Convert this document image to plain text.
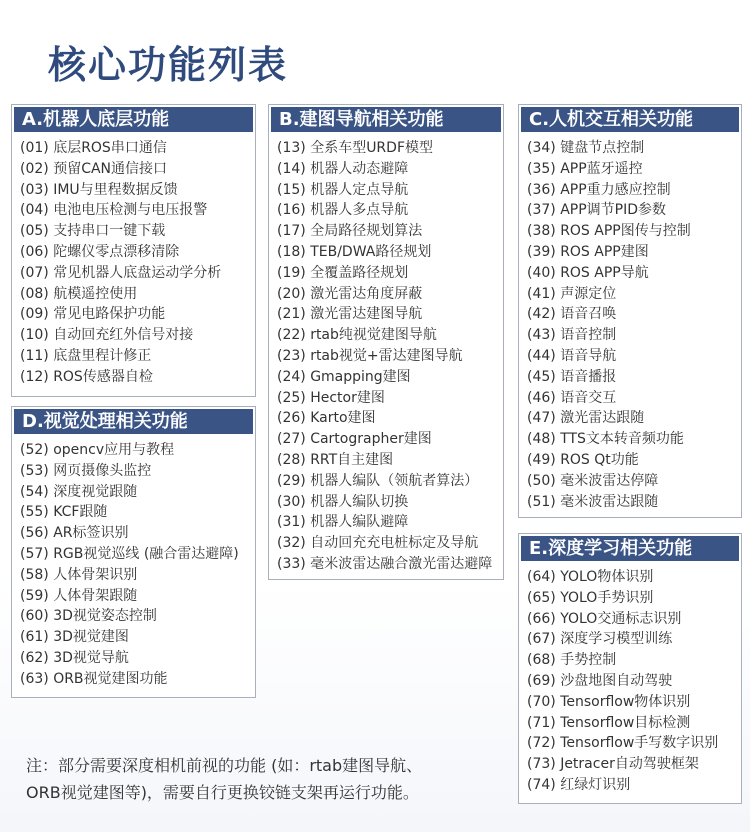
核心功能列表
A.机器人底层功能
(01) 底层ROS串口通信
(02) 预留CAN通信接口
(03) IMU与里程数据反馈
(04) 电池电压检测与电压报警
(05) 支持串口一键下载
(06) 陀螺仪零点漂移清除
(07) 常见机器人底盘运动学分析
(08) 航模遥控使用
(09) 常见电路保护功能
(10) 自动回充红外信号对接
(11) 底盘里程计修正
(12) ROS传感器自检
B.建图导航相关功能
(13) 全系车型URDF模型
(14) 机器人动态避障
(15) 机器人定点导航
(16) 机器人多点导航
(17) 全局路径规划算法
(18) TEB/DWA路径规划
(19) 全覆盖路径规划
(20) 激光雷达角度屏蔽
(21) 激光雷达建图导航
(22) rtab纯视觉建图导航
(23) rtab视觉+雷达建图导航
(24) Gmapping建图
(25) Hector建图
(26) Karto建图
(27) Cartographer建图
(28) RRT自主建图
(29) 机器人编队（领航者算法）
(30) 机器人编队切换
(31) 机器人编队避障
(32) 自动回充充电桩标定及导航
(33) 毫米波雷达融合激光雷达避障
C.人机交互相关功能
(34) 键盘节点控制
(35) APP蓝牙遥控
(36) APP重力感应控制
(37) APP调节PID参数
(38) ROS APP图传与控制
(39) ROS APP建图
(40) ROS APP导航
(41) 声源定位
(42) 语音召唤
(43) 语音控制
(44) 语音导航
(45) 语音播报
(46) 语音交互
(47) 激光雷达跟随
(48) TTS文本转音频功能
(49) ROS Qt功能
(50) 毫米波雷达停障
(51) 毫米波雷达跟随
D.视觉处理相关功能
(52) opencv应用与教程
(53) 网页摄像头监控
(54) 深度视觉跟随
(55) KCF跟随
(56) AR标签识别
(57) RGB视觉巡线 (融合雷达避障)
(58) 人体骨架识别
(59) 人体骨架跟随
(60) 3D视觉姿态控制
(61) 3D视觉建图
(62) 3D视觉导航
(63) ORB视觉建图功能
E.深度学习相关功能
(64) YOLO物体识别
(65) YOLO手势识别
(66) YOLO交通标志识别
(67) 深度学习模型训练
(68) 手势控制
(69) 沙盘地图自动驾驶
(70) Tensorflow物体识别
(71) Tensorflow目标检测
(72) Tensorflow手写数字识别
(73) Jetracer自动驾驶框架
(74) 红绿灯识别
注：部分需要深度相机前视的功能 (如：rtab建图导航、
ORB视觉建图等)，需要自行更换铰链支架再运行功能。
